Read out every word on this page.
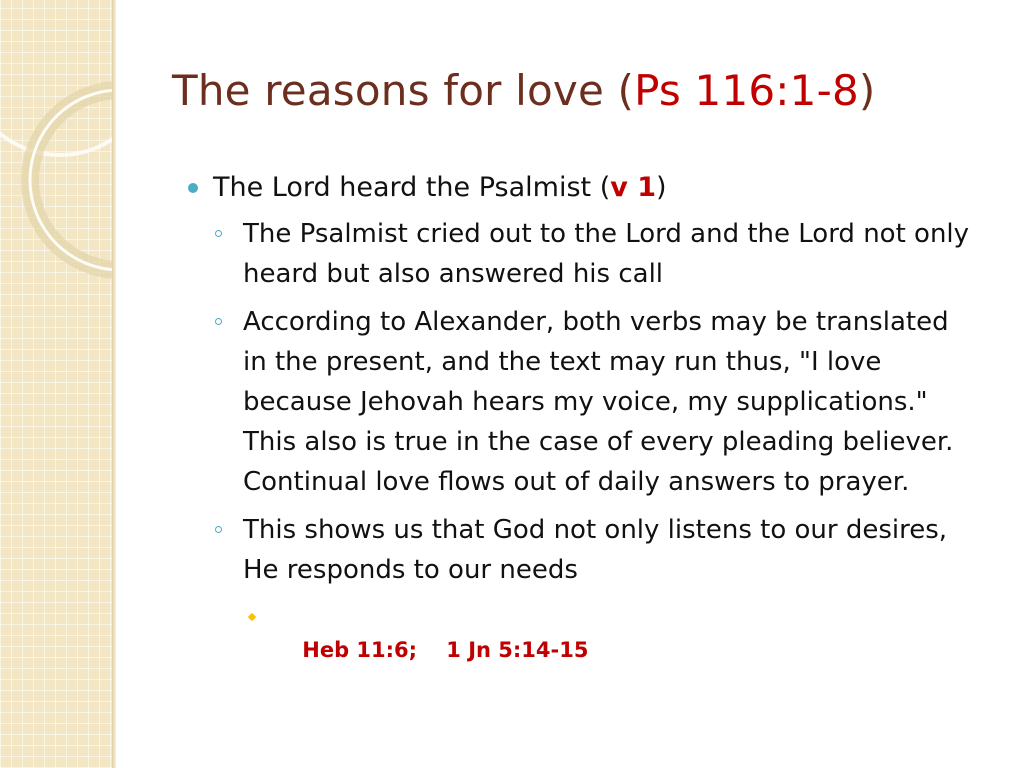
The reasons for love (Ps 116:1-8)

The Lord heard the Psalmist (v 1)

The Psalmist cried out to the Lord and the Lord not only heard but also answered his call
According to Alexander, both verbs may be translated in the present, and the text may run thus, "I love because Jehovah hears my voice, my supplications." This also is true in the case of every pleading believer. Continual love flows out of daily answers to prayer.
This shows us that God not only listens to our desires, He responds to our needs

Heb 11:6;    1 Jn 5:14-15
